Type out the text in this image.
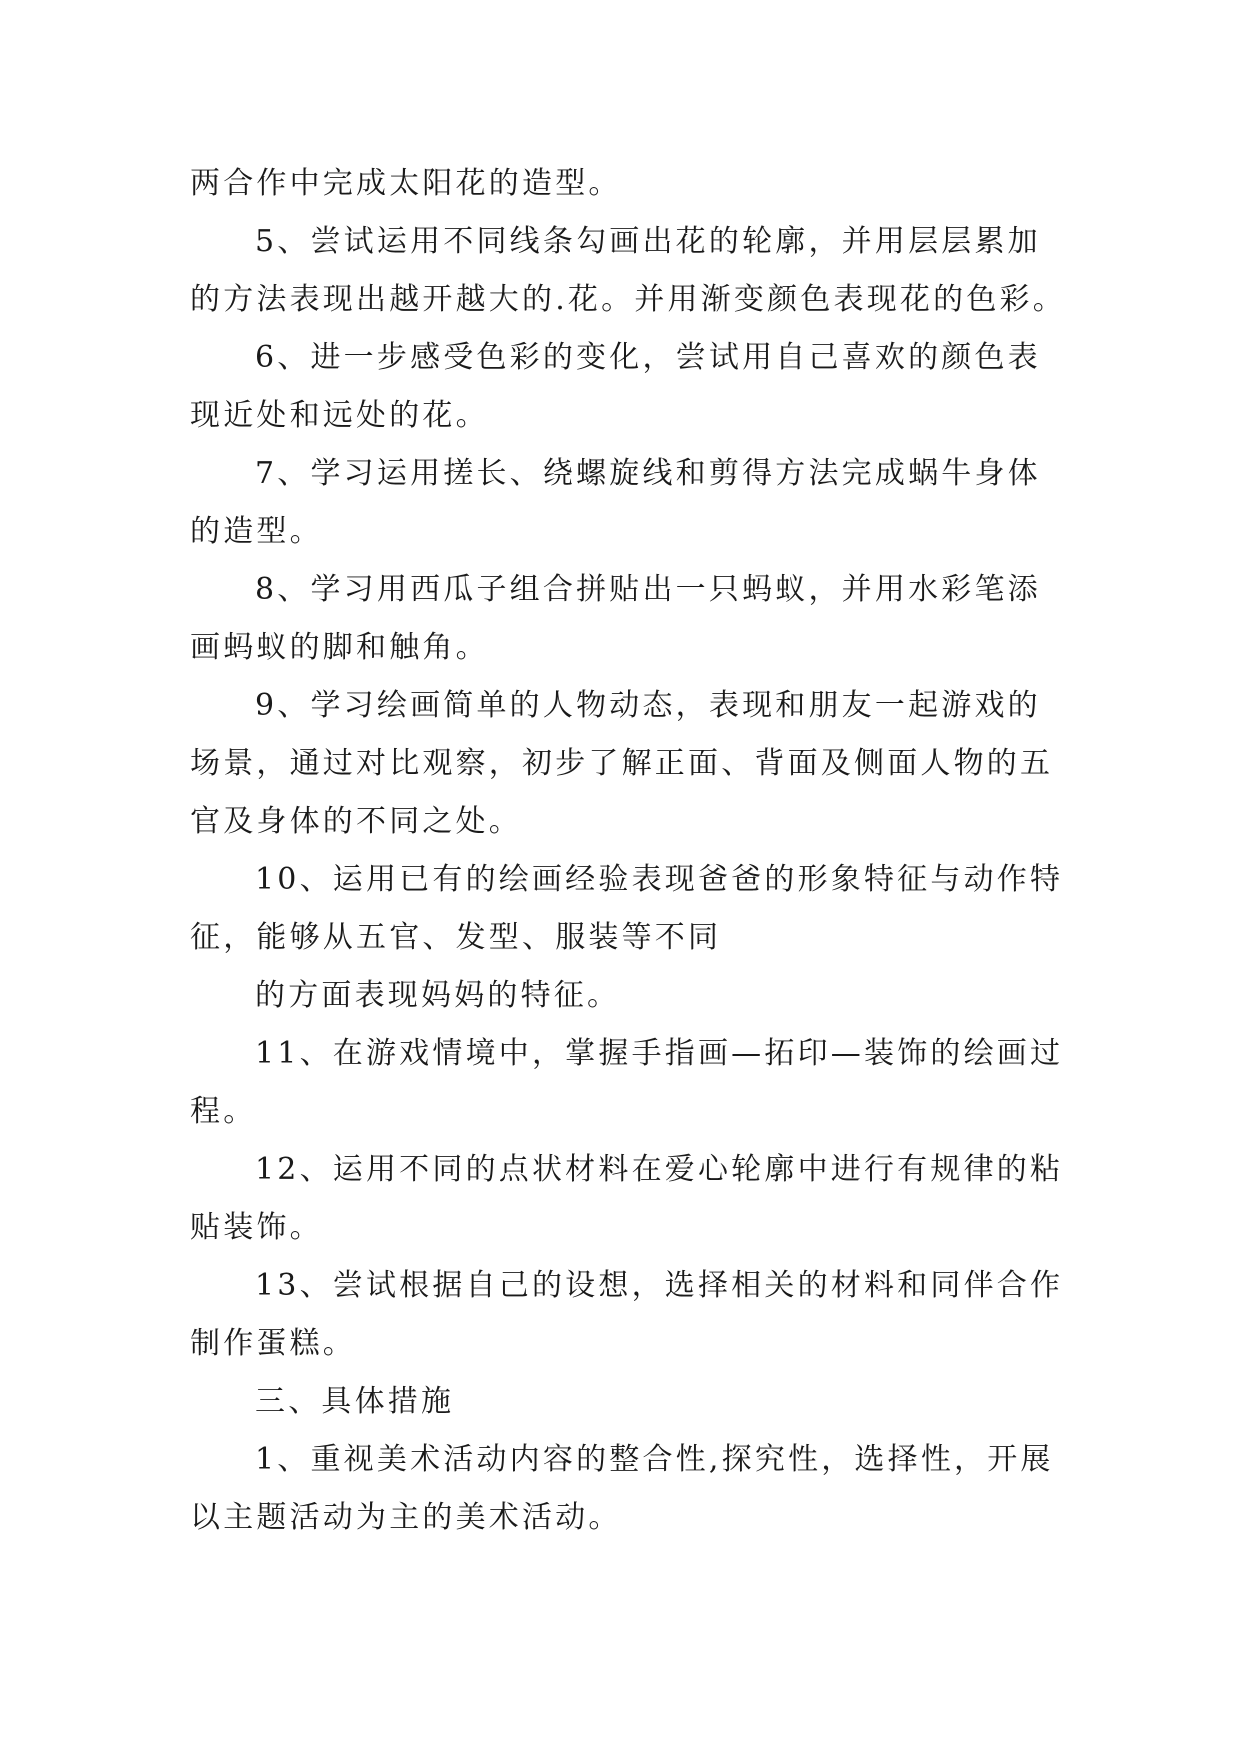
两合作中完成太阳花的造型。

5、尝试运用不同线条勾画出花的轮廓，并用层层累加

的方法表现出越开越大的.花。并用渐变颜色表现花的色彩。

6、进一步感受色彩的变化，尝试用自己喜欢的颜色表

现近处和远处的花。

7、学习运用搓长、绕螺旋线和剪得方法完成蜗牛身体

的造型。

8、学习用西瓜子组合拼贴出一只蚂蚁，并用水彩笔添

画蚂蚁的脚和触角。

9、学习绘画简单的人物动态，表现和朋友一起游戏的

场景，通过对比观察，初步了解正面、背面及侧面人物的五

官及身体的不同之处。

10、运用已有的绘画经验表现爸爸的形象特征与动作特

征，能够从五官、发型、服装等不同

的方面表现妈妈的特征。

11、在游戏情境中，掌握手指画—拓印—装饰的绘画过

程。

12、运用不同的点状材料在爱心轮廓中进行有规律的粘

贴装饰。

13、尝试根据自己的设想，选择相关的材料和同伴合作

制作蛋糕。

三、具体措施

1、重视美术活动内容的整合性,探究性，选择性，开展

以主题活动为主的美术活动。
